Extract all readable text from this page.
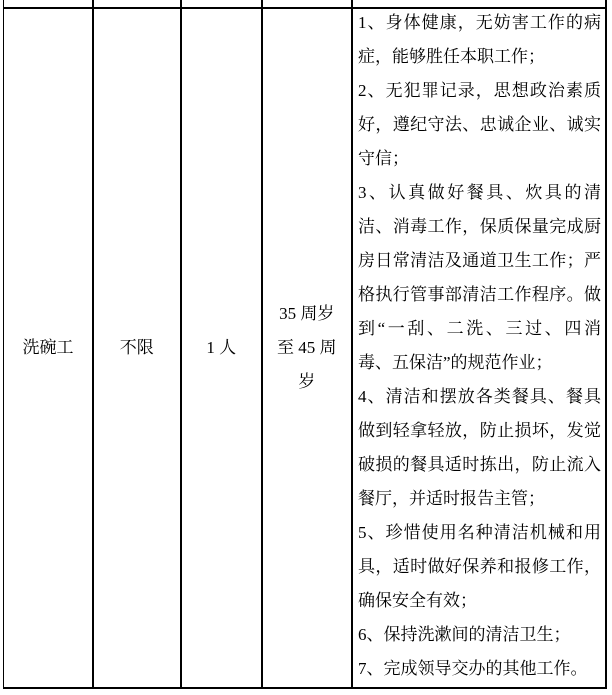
洗碗工	不限	1 人
35 周岁
至 45 周
岁

1、身体健康，无妨害工作的病症，能够胜任本职工作；

2、无犯罪记录，思想政治素质好，遵纪守法、忠诚企业、诚实守信；

3、认真做好餐具、炊具的清洁、消毒工作，保质保量完成厨房日常清洁及通道卫生工作；严格执行管事部清洁工作程序。做到“一刮、二洗、三过、四消毒、五保洁”的规范作业；

4、清洁和摆放各类餐具、餐具做到轻拿轻放，防止损坏，发觉破损的餐具适时拣出，防止流入餐厅，并适时报告主管；

5、珍惜使用名种清洁机械和用具，适时做好保养和报修工作，确保安全有效；

6、保持洗漱间的清洁卫生；

7、完成领导交办的其他工作。
